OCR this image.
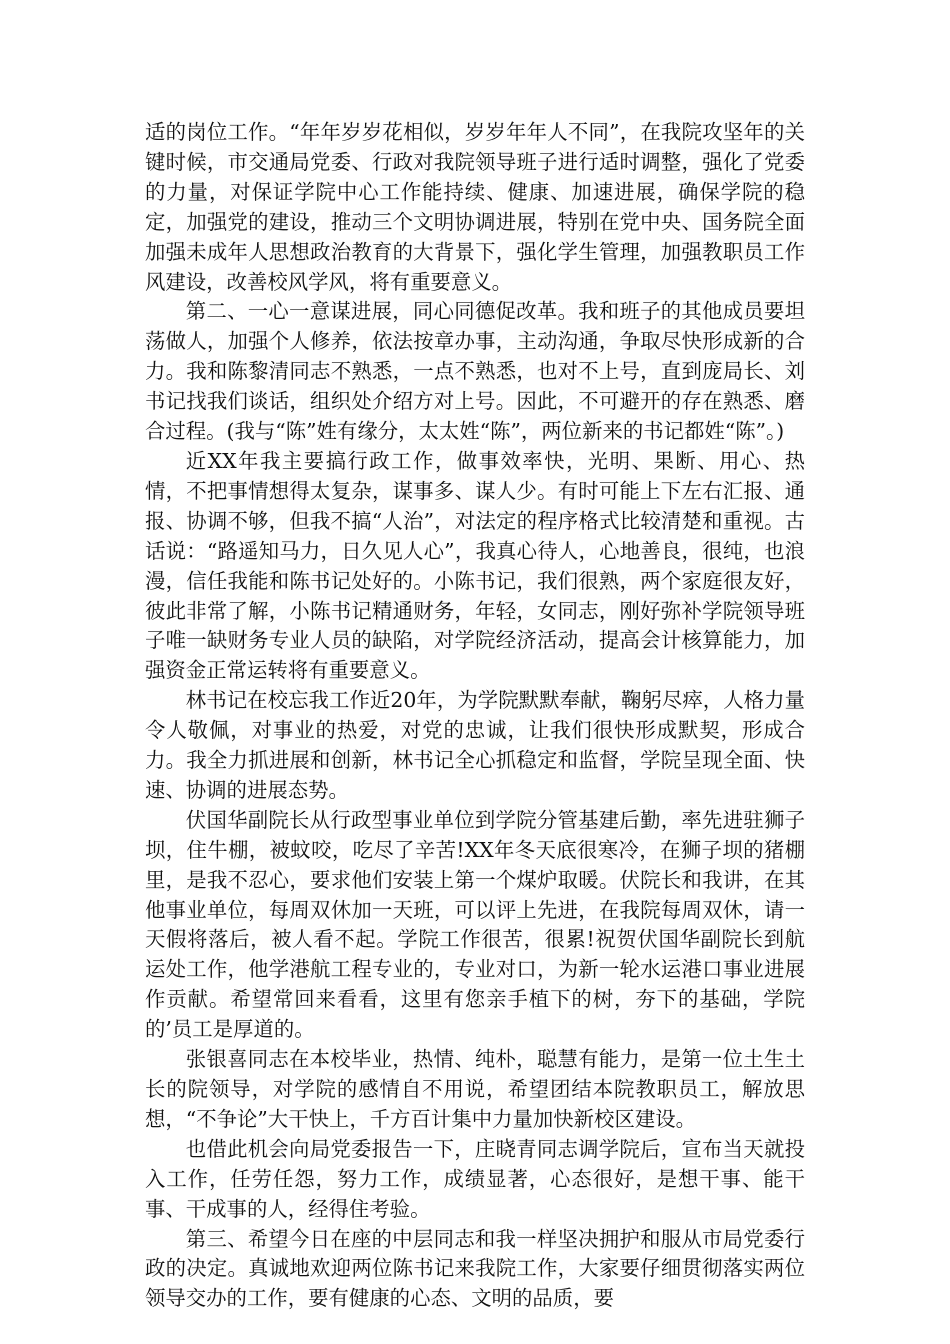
适的岗位工作。“年年岁岁花相似，岁岁年年人不同”，在我院攻坚年的关键时候，市交通局党委、行政对我院领导班子进行适时调整，强化了党委的力量，对保证学院中心工作能持续、健康、加速进展，确保学院的稳定，加强党的建设，推动三个文明协调进展，特别在党中央、国务院全面加强未成年人思想政治教育的大背景下，强化学生管理，加强教职员工作风建设，改善校风学风，将有重要意义。

第二、一心一意谋进展，同心同德促改革。我和班子的其他成员要坦荡做人，加强个人修养，依法按章办事，主动沟通，争取尽快形成新的合力。我和陈黎清同志不熟悉，一点不熟悉，也对不上号，直到庞局长、刘书记找我们谈话，组织处介绍方对上号。因此，不可避开的存在熟悉、磨合过程。(我与“陈”姓有缘分，太太姓“陈”，两位新来的书记都姓“陈”。)

近XX年我主要搞行政工作，做事效率快，光明、果断、用心、热情，不把事情想得太复杂，谋事多、谋人少。有时可能上下左右汇报、通报、协调不够，但我不搞“人治”，对法定的程序格式比较清楚和重视。古话说：“路遥知马力，日久见人心”，我真心待人，心地善良，很纯，也浪漫，信任我能和陈书记处好的。小陈书记，我们很熟，两个家庭很友好，彼此非常了解，小陈书记精通财务，年轻，女同志，刚好弥补学院领导班子唯一缺财务专业人员的缺陷，对学院经济活动，提高会计核算能力，加强资金正常运转将有重要意义。

林书记在校忘我工作近20年，为学院默默奉献，鞠躬尽瘁，人格力量令人敬佩，对事业的热爱，对党的忠诚，让我们很快形成默契，形成合力。我全力抓进展和创新，林书记全心抓稳定和监督，学院呈现全面、快速、协调的进展态势。

伏国华副院长从行政型事业单位到学院分管基建后勤，率先进驻狮子坝，住牛棚，被蚊咬，吃尽了辛苦!XX年冬天底很寒冷，在狮子坝的猪棚里，是我不忍心，要求他们安装上第一个煤炉取暖。伏院长和我讲，在其他事业单位，每周双休加一天班，可以评上先进，在我院每周双休，请一天假将落后，被人看不起。学院工作很苦，很累!祝贺伏国华副院长到航运处工作，他学港航工程专业的，专业对口，为新一轮水运港口事业进展作贡献。希望常回来看看，这里有您亲手植下的树，夯下的基础，学院的’员工是厚道的。

张银喜同志在本校毕业，热情、纯朴，聪慧有能力，是第一位土生土长的院领导，对学院的感情自不用说，希望团结本院教职员工，解放思想，“不争论”大干快上，千方百计集中力量加快新校区建设。

也借此机会向局党委报告一下，庄晓青同志调学院后，宣布当天就投入工作，任劳任怨，努力工作，成绩显著，心态很好，是想干事、能干事、干成事的人，经得住考验。

第三、希望今日在座的中层同志和我一样坚决拥护和服从市局党委行政的决定。真诚地欢迎两位陈书记来我院工作，大家要仔细贯彻落实两位领导交办的工作，要有健康的心态、文明的品质，要
